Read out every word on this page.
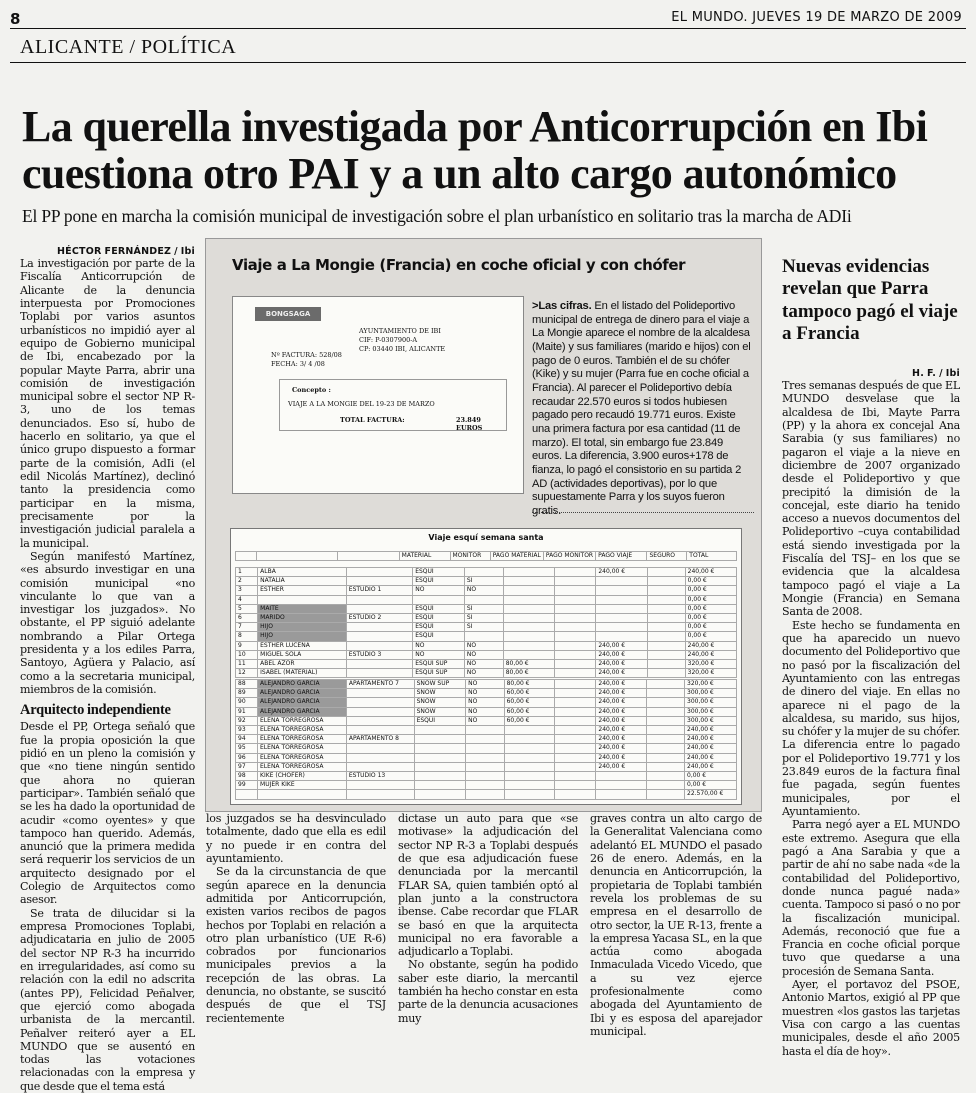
8	EL MUNDO. JUEVES 19 DE MARZO DE 2009
ALICANTE / POLÍTICA
La querella investigada por Anticorrupción en Ibi cuestiona otro PAI y a un alto cargo autonómico
El PP pone en marcha la comisión municipal de investigación sobre el plan urbanístico en solitario tras la marcha de ADIi
HÉCTOR FERNÁNDEZ / Ibi

La investigación por parte de la Fiscalía Anticorrupción de Alicante de la denuncia interpuesta por Promociones Toplabi por varios asuntos urbanísticos no impidió ayer al equipo de Gobierno municipal de Ibi, encabezado por la popular Mayte Parra, abrir una comisión de investigación municipal sobre el sector NP R-3, uno de los temas denunciados. Eso sí, hubo de hacerlo en solitario, ya que el único grupo dispuesto a formar parte de la comisión, AdIi (el edil Nicolás Martínez), declinó tanto la presidencia como participar en la misma, precisamente por la investigación judicial paralela a la municipal.

Según manifestó Martínez, «es absurdo investigar en una comisión municipal «no vinculante lo que van a investigar los juzgados». No obstante, el PP siguió adelante nombrando a Pilar Ortega presidenta y a los ediles Parra, Santoyo, Agüera y Palacio, así como a la secretaria municipal, miembros de la comisión.

Arquitecto independiente

Desde el PP, Ortega señaló que fue la propia oposición la que pidió en un pleno la comisión y que «no tiene ningún sentido que ahora no quieran participar». También señaló que se les ha dado la oportunidad de acudir «como oyentes» y que tampoco han querido. Además, anunció que la primera medida será requerir los servicios de un arquitecto designado por el Colegio de Arquitectos como asesor.

Se trata de dilucidar si la empresa Promociones Toplabi, adjudicataria en julio de 2005 del sector NP R-3 ha incurrido en irregularidades, así como su relación con la edil no adscrita (antes PP), Felicidad Peñalver, que ejerció como abogada urbanista de la mercantil. Peñalver reiteró ayer a EL MUNDO que se ausentó en todas las votaciones relacionadas con la empresa y que desde que el tema está

los juzgados se ha desvinculado totalmente, dado que ella es edil y no puede ir en contra del ayuntamiento.

Se da la circunstancia de que según aparece en la denuncia admitida por Anticorrupción, existen varios recibos de pagos hechos por Toplabi en relación a otro plan urbanístico (UE R-6) cobrados por funcionarios municipales previos a la recepción de las obras. La denuncia, no obstante, se suscitó después de que el TSJ recientemente

dictase un auto para que «se motivase» la adjudicación del sector NP R-3 a Toplabi después de que esa adjudicación fuese denunciada por la mercantil FLAR SA, quien también optó al plan junto a la constructora ibense. Cabe recordar que FLAR se basó en que la arquitecta municipal no era favorable a adjudicarlo a Toplabi.

No obstante, según ha podido saber este diario, la mercantil también ha hecho constar en esta parte de la denuncia acusaciones muy

graves contra un alto cargo de la Generalitat Valenciana como adelantó EL MUNDO el pasado 26 de enero. Además, en la denuncia en Anticorrupción, la propietaria de Toplabi también revela los problemas de su empresa en el desarrollo de otro sector, la UE R-13, frente a la empresa Yacasa SL, en la que actúa como abogada Inmaculada Vicedo Vicedo, que a su vez ejerce profesionalmente como abogada del Ayuntamiento de Ibi y es esposa del aparejador municipal.

Viaje a La Mongie (Francia) en coche oficial y con chófer
BONGSAGA
AYUNTAMIENTO DE IBI
CIF: P-0307900-A
CP: 03440 IBI, ALICANTE
Nº FACTURA: 528/08
FECHA: 3/ 4 /08
Concepto :
VIAJE A LA MONGIE DEL 19-23 DE MARZO
TOTAL FACTURA:	23.849 EUROS
>Las cifras. En el listado del Polideportivo municipal de entrega de dinero para el viaje a La Mongie aparece el nombre de la alcaldesa (Maite) y sus familiares (marido e hijos) con el pago de 0 euros. También el de su chófer (Kike) y su mujer (Parra fue en coche oficial a Francia). Al parecer el Polideportivo debía recaudar 22.570 euros si todos hubiesen pagado pero recaudó 19.771 euros. Existe una primera factura por esa cantidad (11 de marzo). El total, sin embargo fue 23.849 euros. La diferencia, 3.900 euros+178 de fianza, lo pagó el consistorio en su partida 2 AD (actividades deportivas), por lo que supuestamente Parra y los suyos fueron gratis.
Viaje esquí semana santa
			MATERIAL	MONITOR	PAGO MATERIAL	PAGO MONITOR	PAGO VIAJE	SEGURO	TOTAL
1	ALBA		ESQUÍ				240,00 €		240,00 €
2	NATALIA		ESQUÍ	SI					0,00 €
3	ESTHER	ESTUDIO 1	NO	NO					0,00 €
4									0,00 €
5	MAITE		ESQUÍ	SI					0,00 €
6	MARIDO	ESTUDIO 2	ESQUÍ	SI					0,00 €
7	HIJO		ESQUÍ	SI					0,00 €
8	HIJO		ESQUÍ						0,00 €
9	ESTHER LUCENA		NO	NO			240,00 €		240,00 €
10	MIGUEL SOLA	ESTUDIO 3	NO	NO			240,00 €		240,00 €
11	ABEL AZOR		ESQUÍ SUP	NO	80,00 €		240,00 €		320,00 €
12	ISABEL (MATERIAL)		ESQUÍ SUP	NO	80,00 €		240,00 €		320,00 €
88	ALEJANDRO GARCÍA	APARTAMENTO 7	SNOW SUP	NO	80,00 €		240,00 €		320,00 €
89	ALEJANDRO GARCÍA		SNOW	NO	60,00 €		240,00 €		300,00 €
90	ALEJANDRO GARCÍA		SNOW	NO	60,00 €		240,00 €		300,00 €
91	ALEJANDRO GARCÍA		SNOW	NO	60,00 €		240,00 €		300,00 €
92	ELENA TORREGROSA		ESQUÍ	NO	60,00 €		240,00 €		300,00 €
93	ELENA TORREGROSA						240,00 €		240,00 €
94	ELENA TORREGROSA	APARTAMENTO 8					240,00 €		240,00 €
95	ELENA TORREGROSA						240,00 €		240,00 €
96	ELENA TORREGROSA						240,00 €		240,00 €
97	ELENA TORREGROSA						240,00 €		240,00 €
98	KIKE (CHÓFER)	ESTUDIO 13							0,00 €
99	MUJER KIKE								0,00 €
									22.570,00 €
Nuevas evidencias revelan que Parra tampoco pagó el viaje a Francia
H. F. / Ibi

Tres semanas después de que EL MUNDO desvelase que la alcaldesa de Ibi, Mayte Parra (PP) y la ahora ex concejal Ana Sarabia (y sus familiares) no pagaron el viaje a la nieve en diciembre de 2007 organizado desde el Polideportivo y que precipitó la dimisión de la concejal, este diario ha tenido acceso a nuevos documentos del Polideportivo –cuya contabilidad está siendo investigada por la Fiscalía del TSJ– en los que se evidencia que la alcaldesa tampoco pagó el viaje a La Mongie (Francia) en Semana Santa de 2008.

Este hecho se fundamenta en que ha aparecido un nuevo documento del Polideportivo que no pasó por la fiscalización del Ayuntamiento con las entregas de dinero del viaje. En ellas no aparece ni el pago de la alcaldesa, su marido, sus hijos, su chófer y la mujer de su chófer. La diferencia entre lo pagado por el Polideportivo 19.771 y los 23.849 euros de la factura final fue pagada, según fuentes municipales, por el Ayuntamiento.

Parra negó ayer a EL MUNDO este extremo. Asegura que ella pagó a Ana Sarabia y que a partir de ahí no sabe nada «de la contabilidad del Polideportivo, donde nunca pagué nada» cuenta. Tampoco si pasó o no por la fiscalización municipal. Además, reconoció que fue a Francia en coche oficial porque tuvo que quedarse a una procesión de Semana Santa.

Ayer, el portavoz del PSOE, Antonio Martos, exigió al PP que muestren «los gastos las tarjetas Visa con cargo a las cuentas municipales, desde el año 2005 hasta el día de hoy».
